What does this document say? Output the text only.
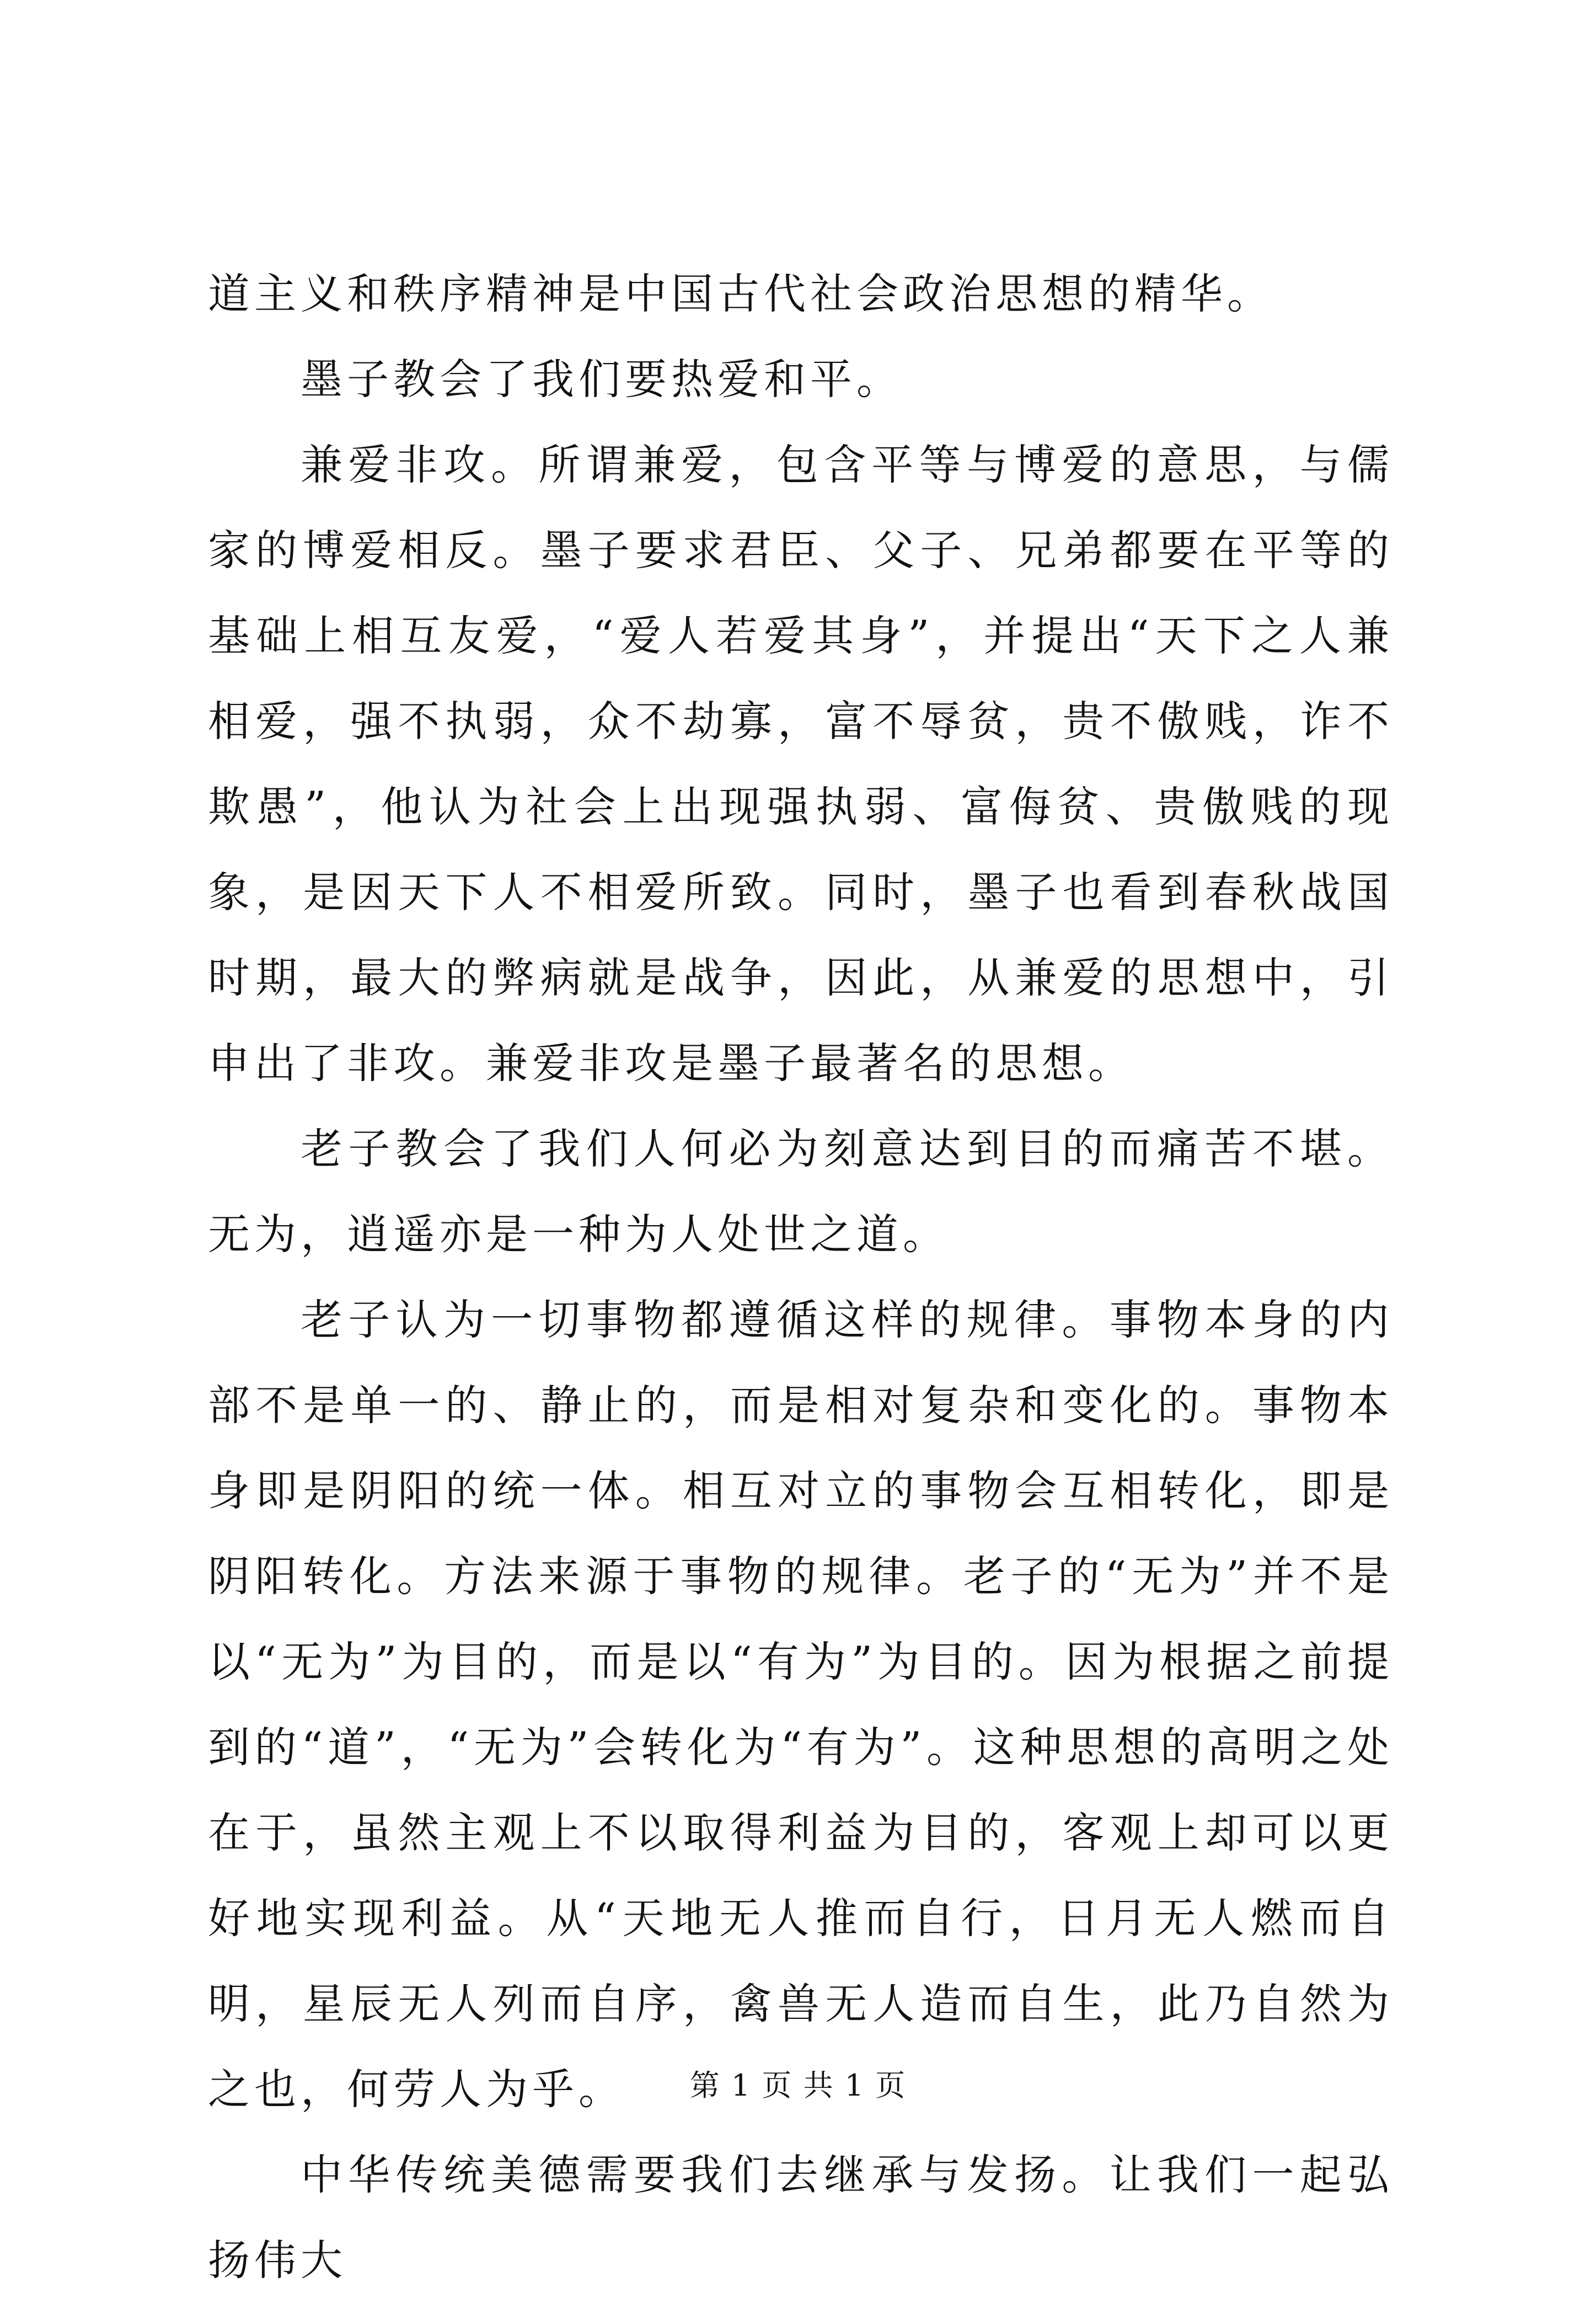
道主义和秩序精神是中国古代社会政治思想的精华。

墨子教会了我们要热爱和平。

兼爱非攻。所谓兼爱，包含平等与博爱的意思，与儒家的博爱相反。墨子要求君臣、父子、兄弟都要在平等的基础上相互友爱，“爱人若爱其身”，并提出“天下之人兼相爱，强不执弱，众不劫寡，富不辱贫，贵不傲贱，诈不欺愚”，他认为社会上出现强执弱、富侮贫、贵傲贱的现象，是因天下人不相爱所致。同时，墨子也看到春秋战国时期，最大的弊病就是战争，因此，从兼爱的思想中，引申出了非攻。兼爱非攻是墨子最著名的思想。

老子教会了我们人何必为刻意达到目的而痛苦不堪。无为，逍遥亦是一种为人处世之道。

老子认为一切事物都遵循这样的规律。事物本身的内部不是单一的、静止的，而是相对复杂和变化的。事物本身即是阴阳的统一体。相互对立的事物会互相转化，即是阴阳转化。方法来源于事物的规律。老子的“无为”并不是以“无为”为目的，而是以“有为”为目的。因为根据之前提到的“道”，“无为”会转化为“有为”。这种思想的高明之处在于，虽然主观上不以取得利益为目的，客观上却可以更好地实现利益。从“天地无人推而自行，日月无人燃而自明，星辰无人列而自序，禽兽无人造而自生，此乃自然为之也，何劳人为乎。

中华传统美德需要我们去继承与发扬。让我们一起弘扬伟大

第 1 页 共 1 页
